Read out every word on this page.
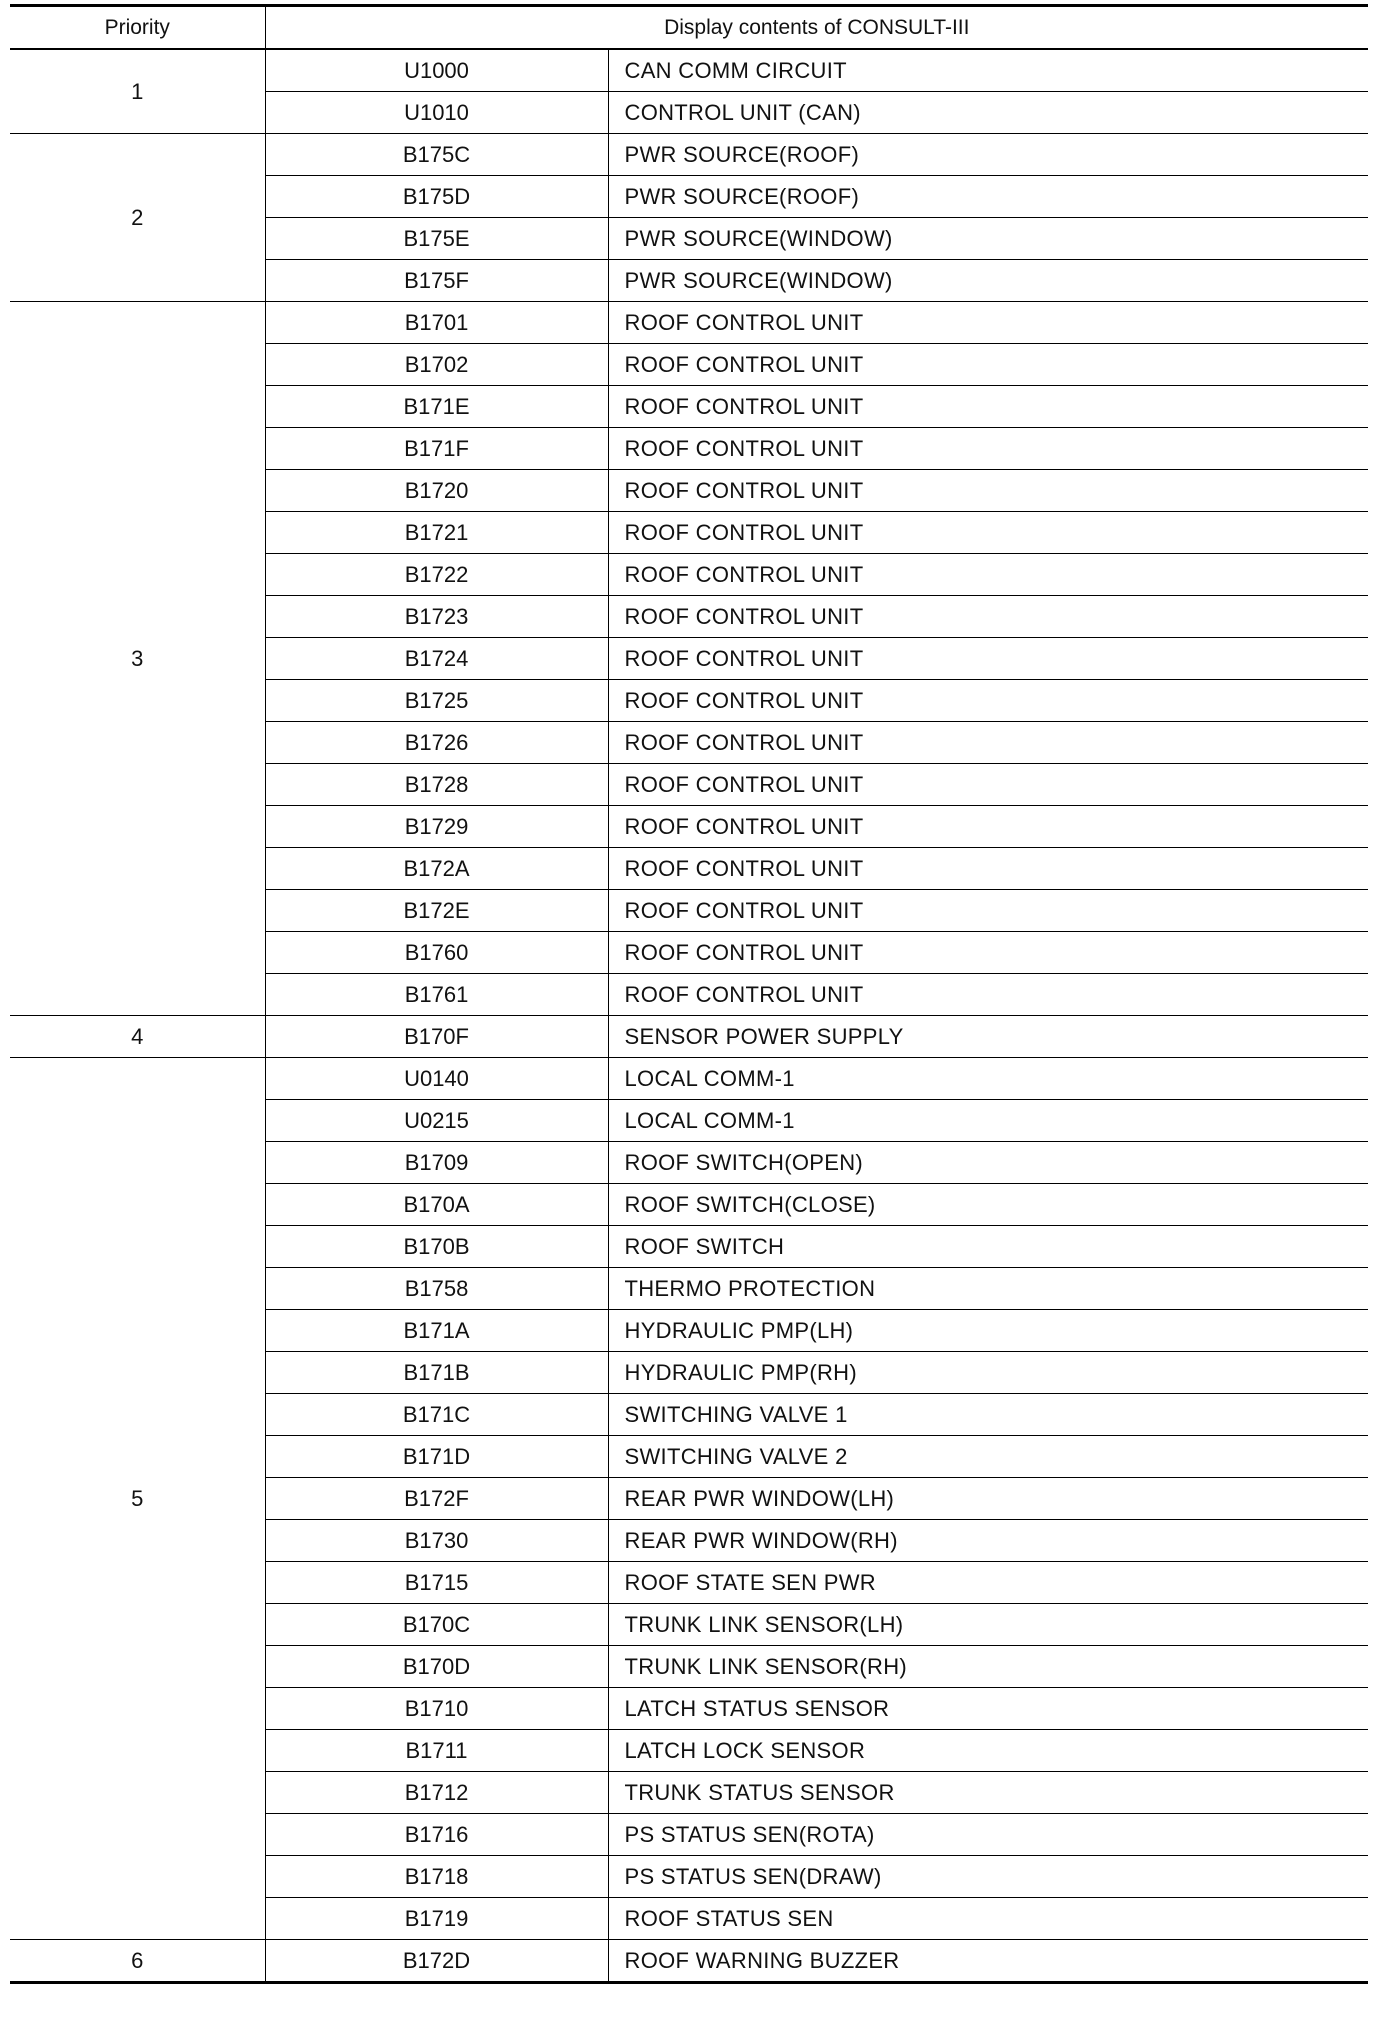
Priority	Display contents of CONSULT-III	
1	U1000	CAN COMM CIRCUIT
	U1010	CONTROL UNIT (CAN)
2	B175C	PWR SOURCE(ROOF)
	B175D	PWR SOURCE(ROOF)
	B175E	PWR SOURCE(WINDOW)
	B175F	PWR SOURCE(WINDOW)
3	B1701	ROOF CONTROL UNIT
	B1702	ROOF CONTROL UNIT
	B171E	ROOF CONTROL UNIT
	B171F	ROOF CONTROL UNIT
	B1720	ROOF CONTROL UNIT
	B1721	ROOF CONTROL UNIT
	B1722	ROOF CONTROL UNIT
	B1723	ROOF CONTROL UNIT
	B1724	ROOF CONTROL UNIT
	B1725	ROOF CONTROL UNIT
	B1726	ROOF CONTROL UNIT
	B1728	ROOF CONTROL UNIT
	B1729	ROOF CONTROL UNIT
	B172A	ROOF CONTROL UNIT
	B172E	ROOF CONTROL UNIT
	B1760	ROOF CONTROL UNIT
	B1761	ROOF CONTROL UNIT
4	B170F	SENSOR POWER SUPPLY
5	U0140	LOCAL COMM-1
	U0215	LOCAL COMM-1
	B1709	ROOF SWITCH(OPEN)
	B170A	ROOF SWITCH(CLOSE)
	B170B	ROOF SWITCH
	B1758	THERMO PROTECTION
	B171A	HYDRAULIC PMP(LH)
	B171B	HYDRAULIC PMP(RH)
	B171C	SWITCHING VALVE 1
	B171D	SWITCHING VALVE 2
	B172F	REAR PWR WINDOW(LH)
	B1730	REAR PWR WINDOW(RH)
	B1715	ROOF STATE SEN PWR
	B170C	TRUNK LINK SENSOR(LH)
	B170D	TRUNK LINK SENSOR(RH)
	B1710	LATCH STATUS SENSOR
	B1711	LATCH LOCK SENSOR
	B1712	TRUNK STATUS SENSOR
	B1716	PS STATUS SEN(ROTA)
	B1718	PS STATUS SEN(DRAW)
	B1719	ROOF STATUS SEN
6	B172D	ROOF WARNING BUZZER
